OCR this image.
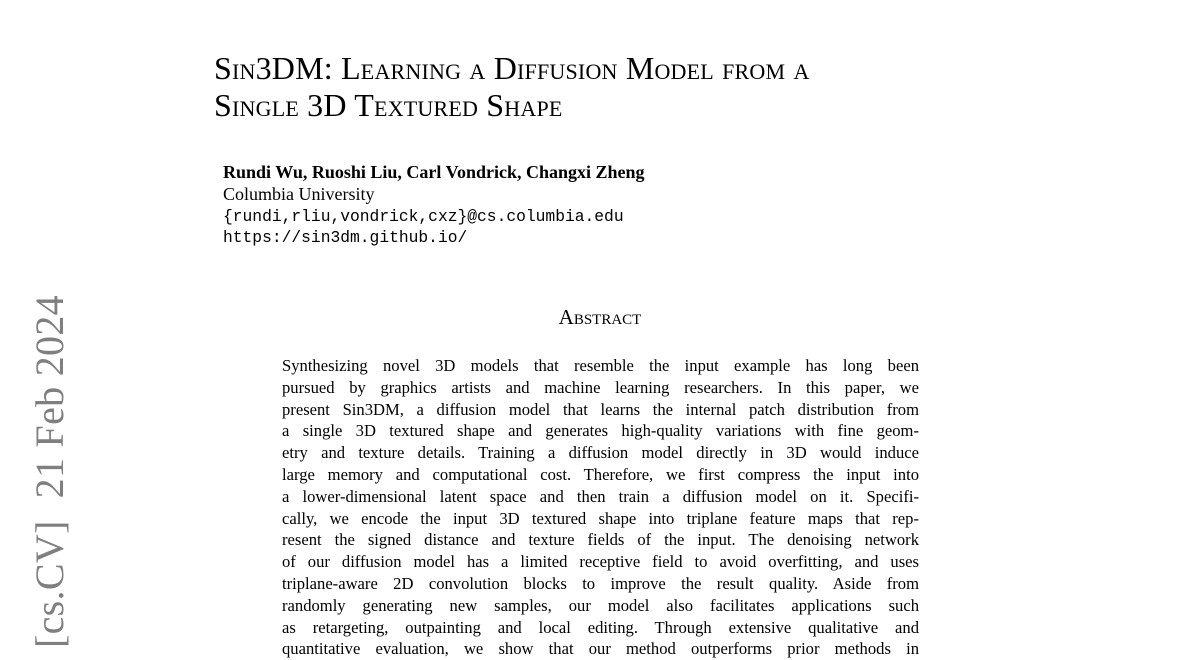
Sin3DM: Learning a Diffusion Model from a
Single 3D Textured Shape
Rundi Wu, Ruoshi Liu, Carl Vondrick, Changxi Zheng
Columbia University
{rundi,rliu,vondrick,cxz}@cs.columbia.edu
https://sin3dm.github.io/
Abstract
Synthesizing novel 3D models that resemble the input example has long been
pursued by graphics artists and machine learning researchers. In this paper, we
present Sin3DM, a diffusion model that learns the internal patch distribution from
a single 3D textured shape and generates high-quality variations with fine geom-
etry and texture details. Training a diffusion model directly in 3D would induce
large memory and computational cost. Therefore, we first compress the input into
a lower-dimensional latent space and then train a diffusion model on it. Specifi-
cally, we encode the input 3D textured shape into triplane feature maps that rep-
resent the signed distance and texture fields of the input. The denoising network
of our diffusion model has a limited receptive field to avoid overfitting, and uses
triplane-aware 2D convolution blocks to improve the result quality. Aside from
randomly generating new samples, our model also facilitates applications such
as retargeting, outpainting and local editing. Through extensive qualitative and
quantitative evaluation, we show that our method outperforms prior methods in
[cs.CV]21 Feb 2024
